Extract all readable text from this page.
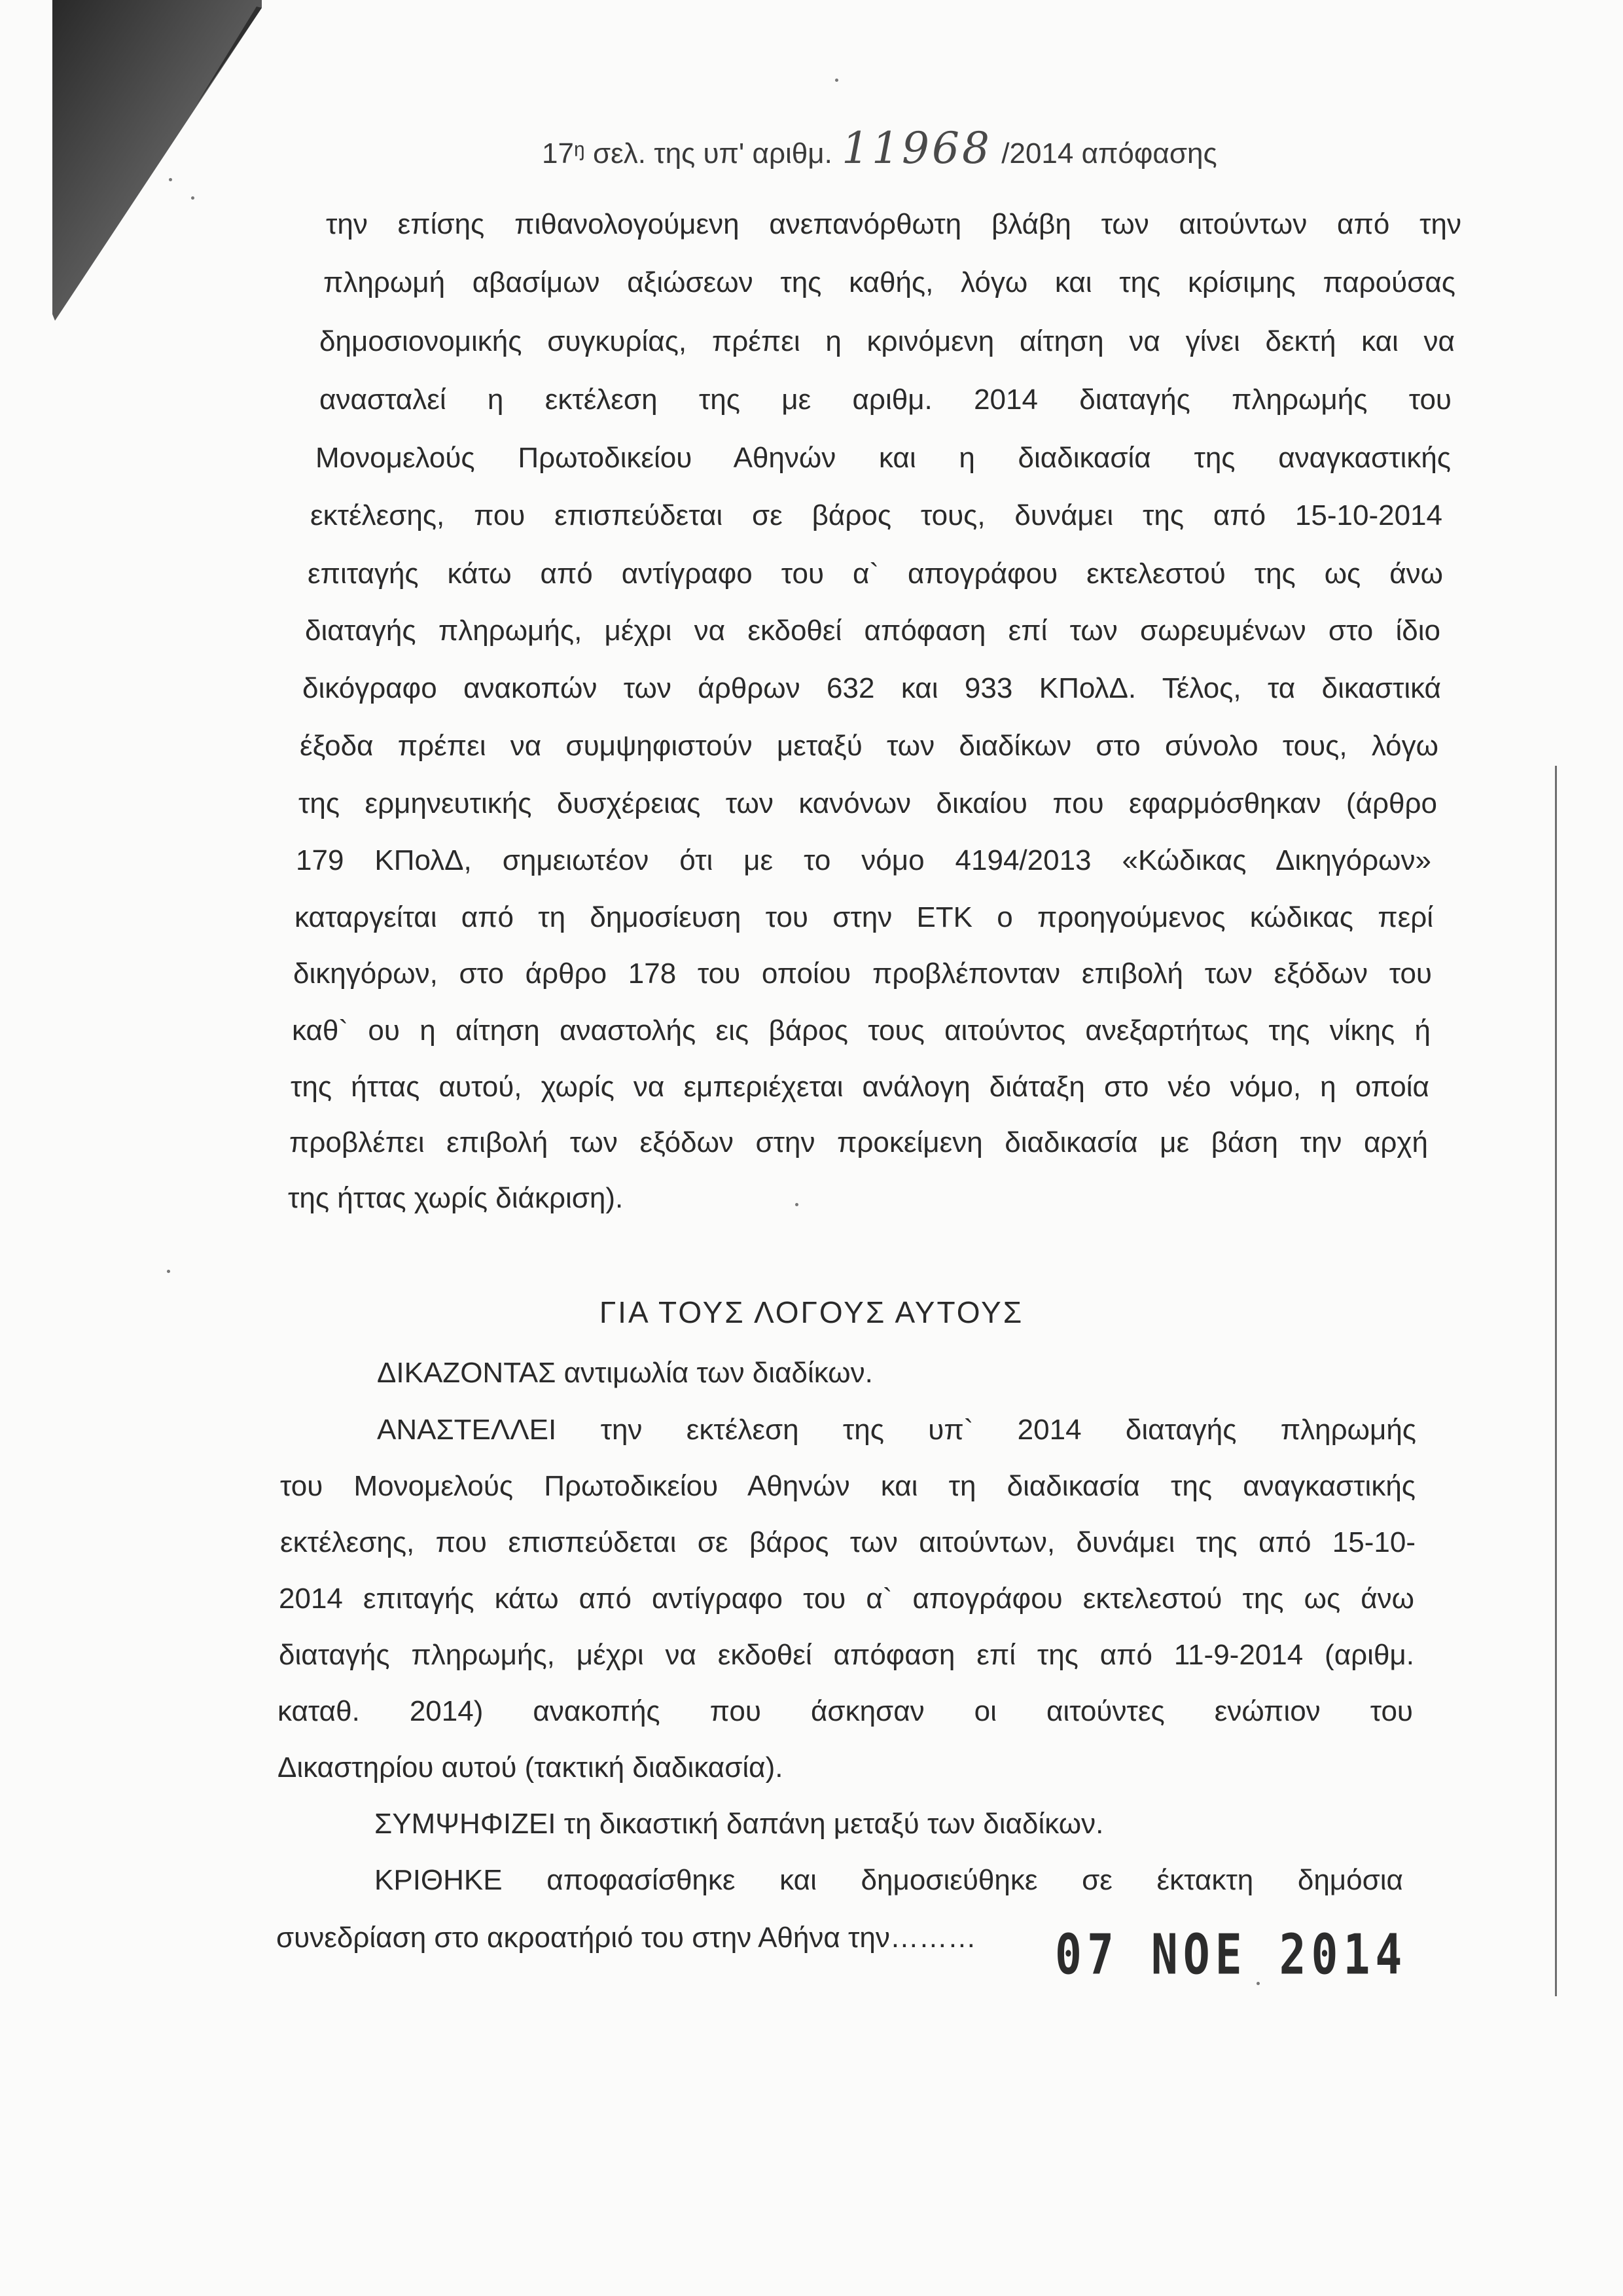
17ᵑ σελ. της υπ' αριθμ. 11968 /2014 απόφασης
την επίσης πιθανολογούμενη ανεπανόρθωτη βλάβη των αιτούντων από την
πληρωμή αβασίμων αξιώσεων της καθής, λόγω και της κρίσιμης παρούσας
δημοσιονομικής συγκυρίας, πρέπει η κρινόμενη αίτηση να γίνει δεκτή και να
ανασταλεί η εκτέλεση της με αριθμ. 2014 διαταγής πληρωμής του
Μονομελούς Πρωτοδικείου Αθηνών και η διαδικασία της αναγκαστικής
εκτέλεσης, που επισπεύδεται σε βάρος τους, δυνάμει της από 15-10-2014
επιταγής κάτω από αντίγραφο του α` απογράφου εκτελεστού της ως άνω
διαταγής πληρωμής, μέχρι να εκδοθεί απόφαση επί των σωρευμένων στο ίδιο
δικόγραφο ανακοπών των άρθρων 632 και 933 ΚΠολΔ. Τέλος, τα δικαστικά
έξοδα πρέπει να συμψηφιστούν μεταξύ των διαδίκων στο σύνολο τους, λόγω
της ερμηνευτικής δυσχέρειας των κανόνων δικαίου που εφαρμόσθηκαν (άρθρο
179 ΚΠολΔ, σημειωτέον ότι με το νόμο 4194/2013 «Κώδικας Δικηγόρων»
καταργείται από τη δημοσίευση του στην ΕΤΚ ο προηγούμενος κώδικας περί
δικηγόρων, στο άρθρο 178 του οποίου προβλέπονταν επιβολή των εξόδων του
καθ` ου η αίτηση αναστολής εις βάρος τους αιτούντος ανεξαρτήτως της νίκης ή
της ήττας αυτού, χωρίς να εμπεριέχεται ανάλογη διάταξη στο νέο νόμο, η οποία
προβλέπει επιβολή των εξόδων στην προκείμενη διαδικασία με βάση την αρχή
της ήττας χωρίς διάκριση).
ΓΙΑ ΤΟΥΣ ΛΟΓΟΥΣ ΑΥΤΟΥΣ
ΔΙΚΑΖΟΝΤΑΣ αντιμωλία των διαδίκων.
ΑΝΑΣΤΕΛΛΕΙ την εκτέλεση της υπ` 2014 διαταγής πληρωμής
του Μονομελούς Πρωτοδικείου Αθηνών και τη διαδικασία της αναγκαστικής
εκτέλεσης, που επισπεύδεται σε βάρος των αιτούντων, δυνάμει της από 15-10-
2014 επιταγής κάτω από αντίγραφο του α` απογράφου εκτελεστού της ως άνω
διαταγής πληρωμής, μέχρι να εκδοθεί απόφαση επί της από 11-9-2014 (αριθμ.
καταθ. 2014) ανακοπής που άσκησαν οι αιτούντες ενώπιον του
Δικαστηρίου αυτού (τακτική διαδικασία).
ΣΥΜΨΗΦΙΖΕΙ τη δικαστική δαπάνη μεταξύ των διαδίκων.
ΚΡΙΘΗΚΕ αποφασίσθηκε και δημοσιεύθηκε σε έκτακτη δημόσια
συνεδρίαση στο ακροατήριό του στην Αθήνα την……… 07 ΝΟΕ 2014
